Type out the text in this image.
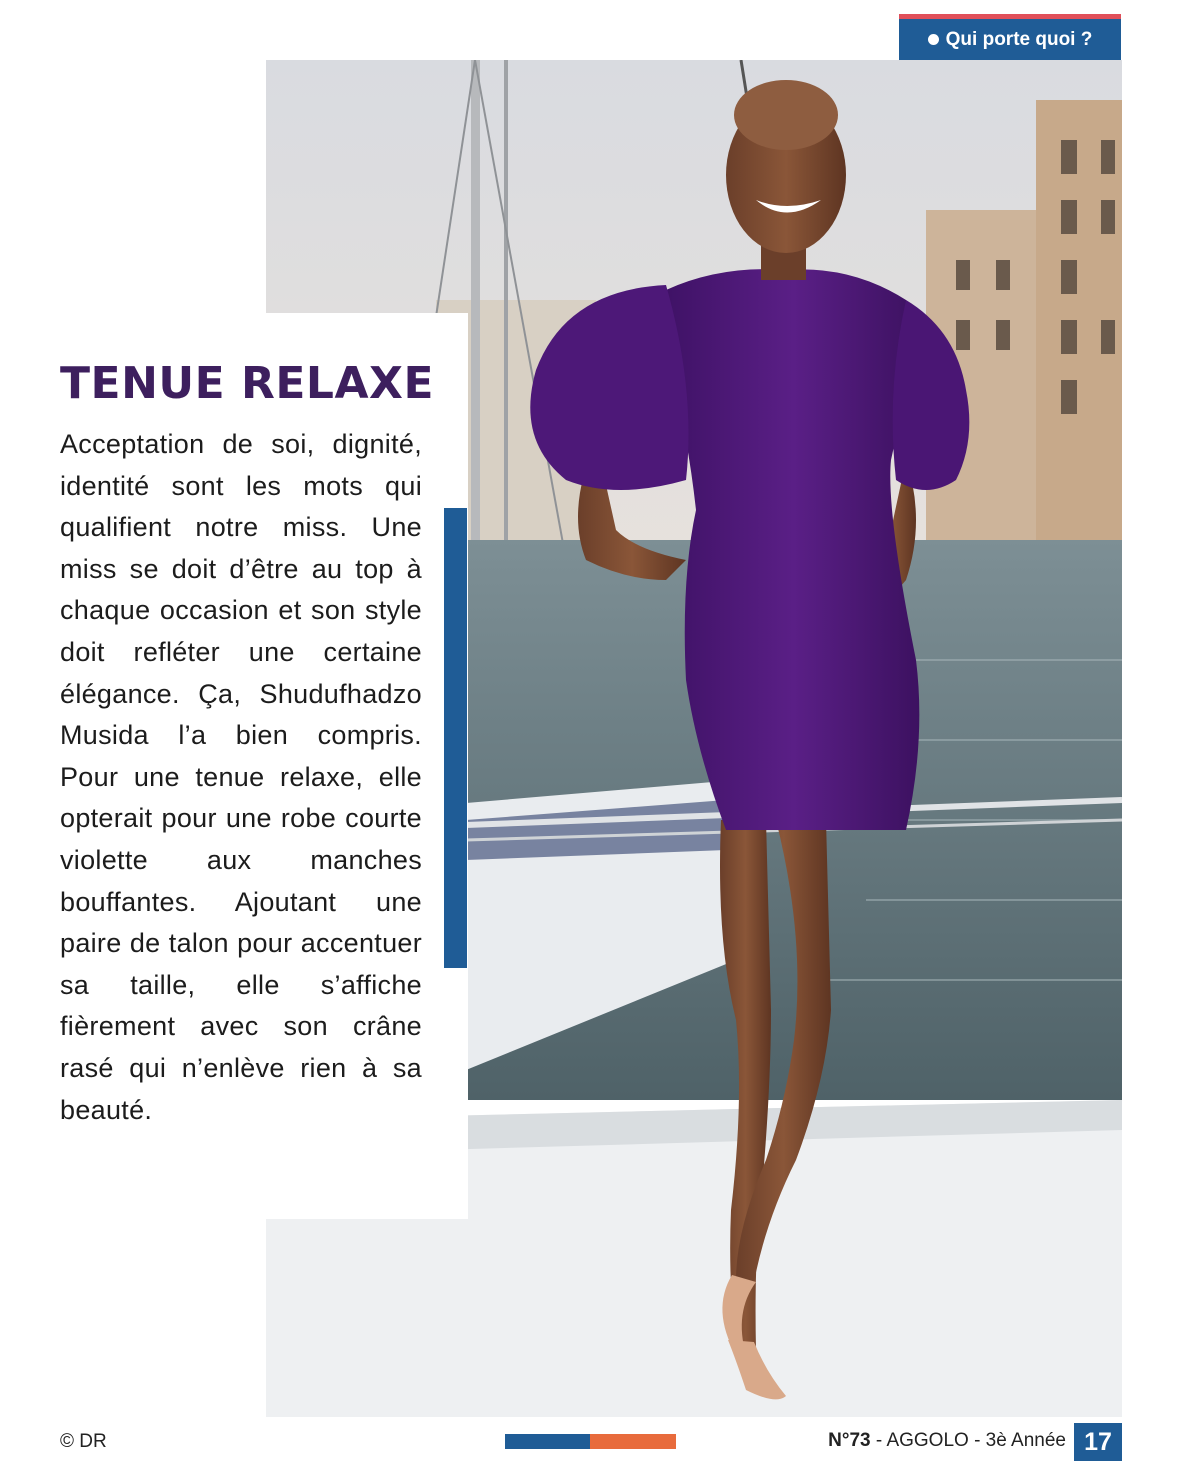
Qui porte quoi ?
TENUE RELAXE

Acceptation de soi, dignité, identité sont les mots qui qualifient notre miss. Une miss se doit d’être au top à chaque occasion et son style doit refléter une certaine élégance. Ça, Shudufhadzo Musida l’a bien compris. Pour une tenue relaxe, elle opterait pour une robe courte violette aux manches bouffantes. Ajoutant une paire de talon pour accentuer sa taille, elle s’affiche fièrement avec son crâne rasé qui n’enlève rien à sa beauté.

© DR	N°73 - AGGOLO - 3è Année 17
